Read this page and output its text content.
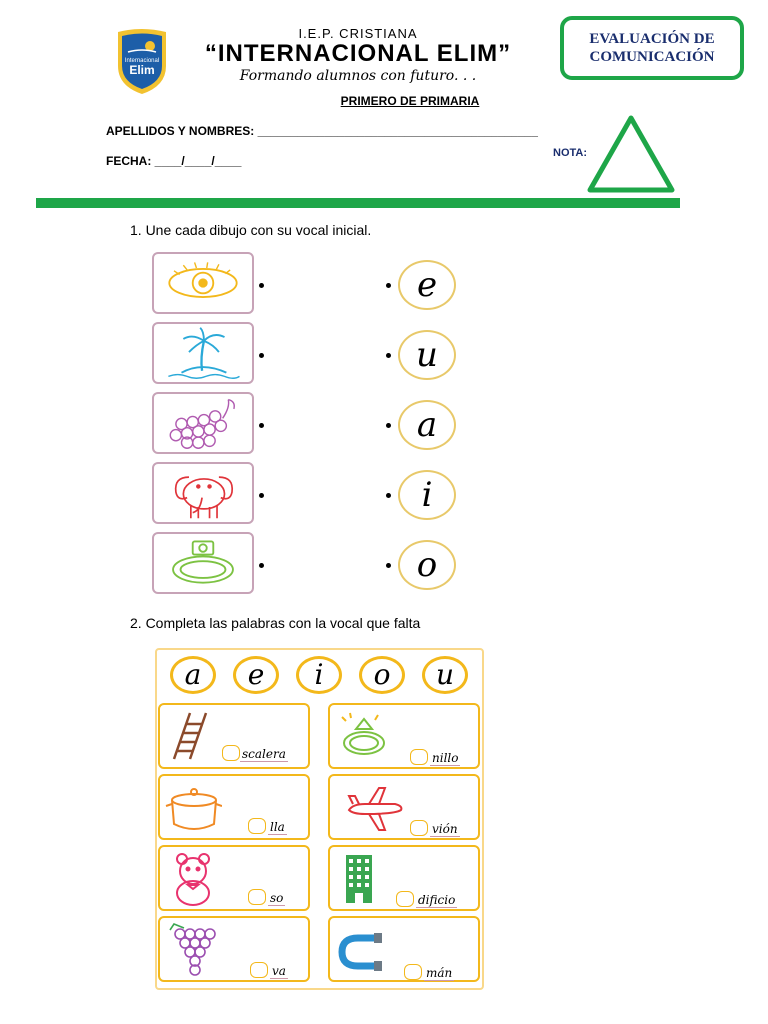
Internacional
Elim
I.E.P. CRISTIANA
“INTERNACIONAL ELIM”
Formando alumnos con futuro. . .
PRIMERO DE PRIMARIA
EVALUACIÓN DE
COMUNICACIÓN
APELLIDOS Y NOMBRES: __________________________________________
FECHA: ____/____/____
NOTA:
1. Une cada dibujo con su vocal inicial.
e
u
a
i
o
2. Completa las palabras con la vocal que falta
a	e	i	o	u
scalera	nillo
lla	vión
so	dificio
va	mán
